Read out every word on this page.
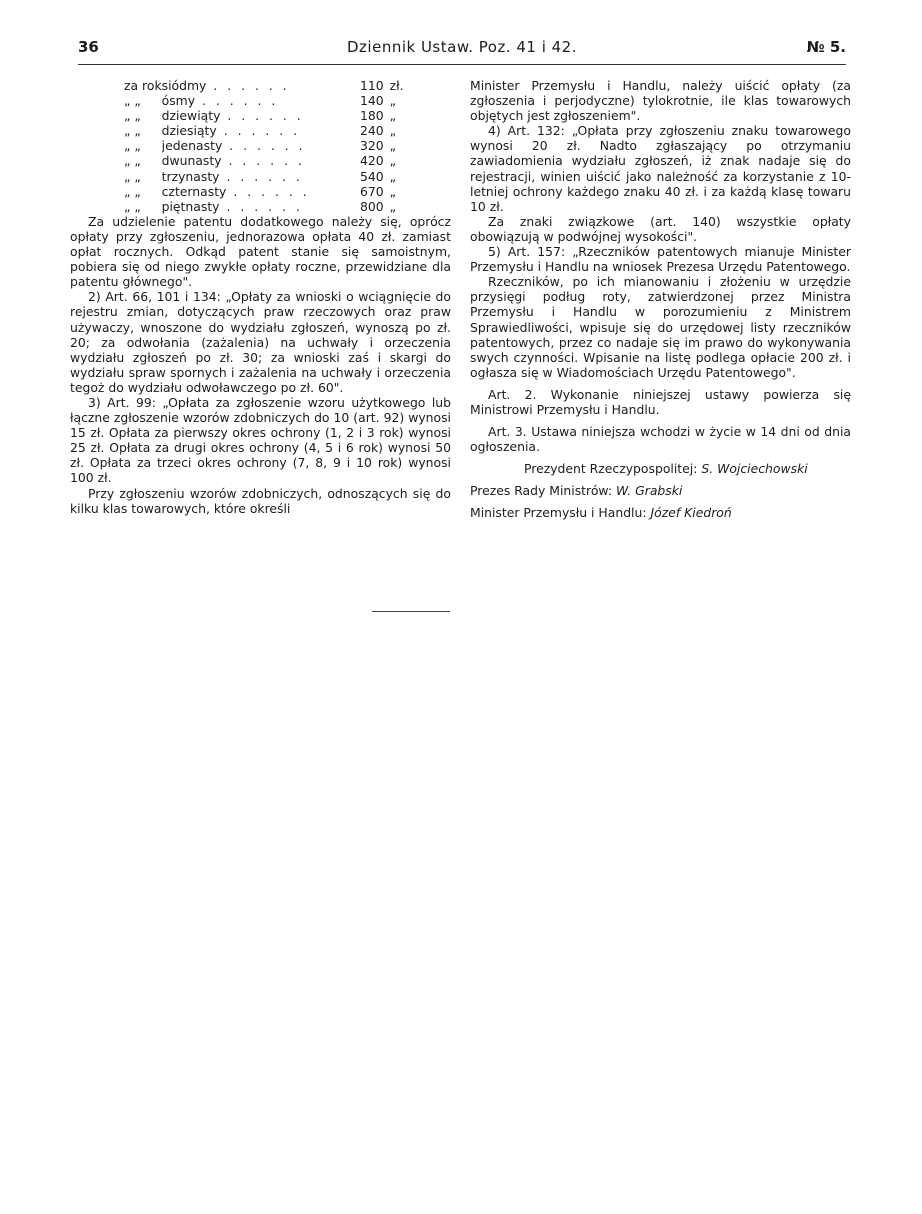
36	Dziennik Ustaw. Poz. 41 i 42.	№ 5.
za rok	siódmy . . . . . .	110	zł.
„ „	ósmy . . . . . .	140	„
„ „	dziewiąty . . . . . .	180	„
„ „	dziesiąty . . . . . .	240	„
„ „	jedenasty . . . . . .	320	„
„ „	dwunasty . . . . . .	420	„
„ „	trzynasty . . . . . .	540	„
„ „	czternasty . . . . . .	670	„
„ „	piętnasty . . . . . .	800	„

Za udzielenie patentu dodatkowego należy się, oprócz opłaty przy zgłoszeniu, jednorazowa opłata 40 zł. zamiast opłat rocznych. Odkąd patent stanie się samoistnym, pobiera się od niego zwykłe opłaty roczne, przewidziane dla patentu głównego".

2) Art. 66, 101 i 134: „Opłaty za wnioski o wciągnięcie do rejestru zmian, dotyczących praw rzeczowych oraz praw używaczy, wnoszone do wydziału zgłoszeń, wynoszą po zł. 20; za odwołania (zażalenia) na uchwały i orzeczenia wydziału zgłoszeń po zł. 30; za wnioski zaś i skargi do wydziału spraw spornych i zażalenia na uchwały i orzeczenia tegoż do wydziału odwoławczego po zł. 60".

3) Art. 99: „Opłata za zgłoszenie wzoru użytkowego lub łączne zgłoszenie wzorów zdobniczych do 10 (art. 92) wynosi 15 zł. Opłata za pierwszy okres ochrony (1, 2 i 3 rok) wynosi 25 zł. Opłata za drugi okres ochrony (4, 5 i 6 rok) wynosi 50 zł. Opłata za trzeci okres ochrony (7, 8, 9 i 10 rok) wynosi 100 zł.

Przy zgłoszeniu wzorów zdobniczych, odnoszących się do kilku klas towarowych, które określi

Minister Przemysłu i Handlu, należy uiścić opłaty (za zgłoszenia i perjodyczne) tylokrotnie, ile klas towarowych objętych jest zgłoszeniem".

4) Art. 132: „Opłata przy zgłoszeniu znaku towarowego wynosi 20 zł. Nadto zgłaszający po otrzymaniu zawiadomienia wydziału zgłoszeń, iż znak nadaje się do rejestracji, winien uiścić jako należność za korzystanie z 10-letniej ochrony każdego znaku 40 zł. i za każdą klasę towaru 10 zł.

Za znaki związkowe (art. 140) wszystkie opłaty obowiązują w podwójnej wysokości".

5) Art. 157: „Rzeczników patentowych mianuje Minister Przemysłu i Handlu na wniosek Prezesa Urzędu Patentowego.

Rzeczników, po ich mianowaniu i złożeniu w urzędzie przysięgi podług roty, zatwierdzonej przez Ministra Przemysłu i Handlu w porozumieniu z Ministrem Sprawiedliwości, wpisuje się do urzędowej listy rzeczników patentowych, przez co nadaje się im prawo do wykonywania swych czynności. Wpisanie na listę podlega opłacie 200 zł. i ogłasza się w Wiadomościach Urzędu Patentowego".

Art. 2. Wykonanie niniejszej ustawy powierza się Ministrowi Przemysłu i Handlu.

Art. 3. Ustawa niniejsza wchodzi w życie w 14 dni od dnia ogłoszenia.

Prezydent Rzeczypospolitej: S. Wojciechowski

Prezes Rady Ministrów: W. Grabski

Minister Przemysłu i Handlu: Józef Kiedroń
